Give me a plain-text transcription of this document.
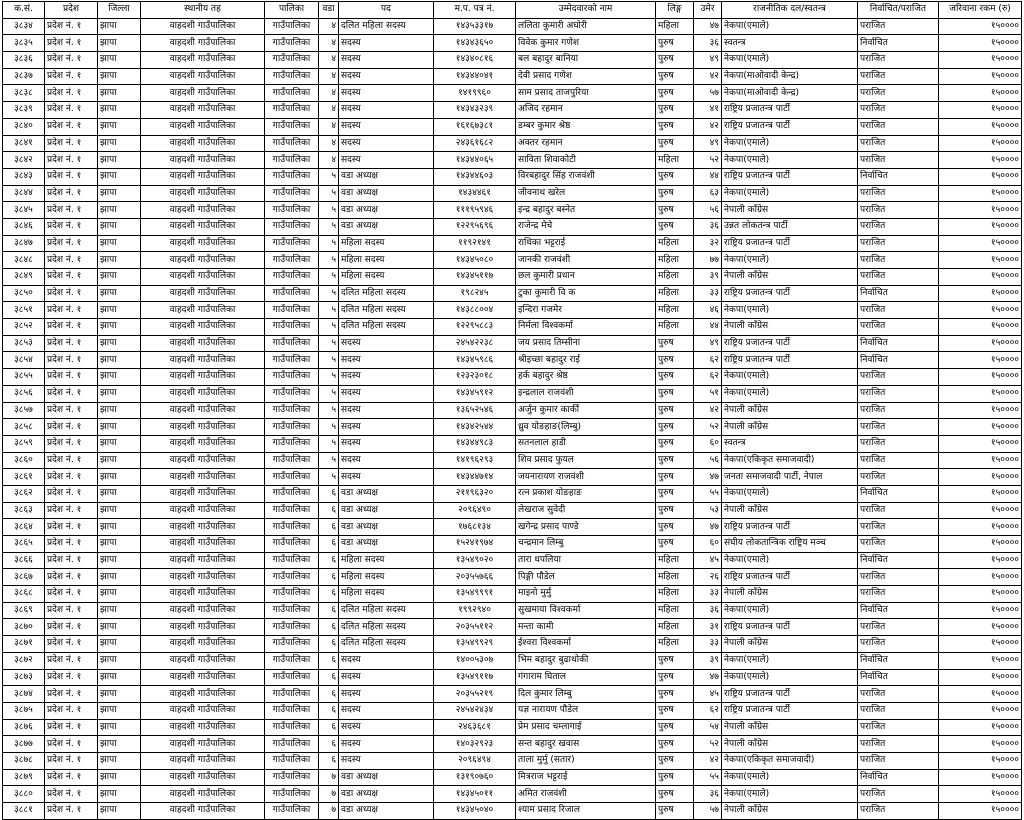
क.सं.	प्रदेश	जिल्ला	स्थानीय तह	पालिका	वडा	पद	म.प. पत्र नं.	उम्मेदवारको नाम	लिङ्ग	उमेर	राजनीतिक दल/स्वतन्त्र	निर्वाचित/पराजित	जरिवाना रकम (रु)
३८३४	प्रदेश नं. १	झापा	वाहदशी गाउँपालिका	गाउँपालिका	४	दलित महिला सदस्य	१४३५३३१७	ललिता कुमारी अघोरी	महिला	४७	नेकपा(एमाले)	पराजित	१५००००
३८३५	प्रदेश नं. १	झापा	वाहदशी गाउँपालिका	गाउँपालिका	४	सदस्य	१४३४३६५०	विवेक कुमार गणेश	पुरुष	३६	स्वतन्त्र	निर्वाचित	१५००००
३८३६	प्रदेश नं. १	झापा	वाहदशी गाउँपालिका	गाउँपालिका	४	सदस्य	१४३४०८१६	बल बहादुर बानिया	पुरुष	४९	नेकपा(एमाले)	पराजित	१५००००
३८३७	प्रदेश नं. १	झापा	वाहदशी गाउँपालिका	गाउँपालिका	४	सदस्य	१४३४४०४१	देवी प्रसाद गणेश	पुरुष	४२	नेकपा(माओवादी केन्द्र)	पराजित	१५००००
३८३८	प्रदेश नं. १	झापा	वाहदशी गाउँपालिका	गाउँपालिका	४	सदस्य	१४१९९६०	साम प्रसाद ताजपुरिया	पुरुष	५७	नेकपा(माओवादी केन्द्र)	पराजित	१५००००
३८३९	प्रदेश नं. १	झापा	वाहदशी गाउँपालिका	गाउँपालिका	४	सदस्य	१४३४३२३९	अजिद रहमान	पुरुष	४१	राष्ट्रिय प्रजातन्त्र पार्टी	पराजित	१५००००
३८४०	प्रदेश नं. १	झापा	वाहदशी गाउँपालिका	गाउँपालिका	४	सदस्य	१६१६७३८१	डम्बर कुमार श्रेष्ठ	पुरुष	४२	राष्ट्रिय प्रजातन्त्र पार्टी	पराजित	१५००००
३८४१	प्रदेश नं. १	झापा	वाहदशी गाउँपालिका	गाउँपालिका	४	सदस्य	२४३६१६८२	अक्तर रहमान	पुरुष	४९	नेकपा(एमाले)	पराजित	१५००००
३८४२	प्रदेश नं. १	झापा	वाहदशी गाउँपालिका	गाउँपालिका	४	सदस्य	१४३४४०६५	साविता शिवाकोटी	महिला	५२	नेकपा(एमाले)	पराजित	१५००००
३८४३	प्रदेश नं. १	झापा	वाहदशी गाउँपालिका	गाउँपालिका	५	वडा अध्यक्ष	१४३४४६०३	विरबहादुर सिंह राजवंशी	पुरुष	४४	राष्ट्रिय प्रजातन्त्र पार्टी	निर्वाचित	१५००००
३८४४	प्रदेश नं. १	झापा	वाहदशी गाउँपालिका	गाउँपालिका	५	वडा अध्यक्ष	१४३४४६१	जीवनाथ खरेल	पुरुष	६३	नेकपा(एमाले)	पराजित	१५००००
३८४५	प्रदेश नं. १	झापा	वाहदशी गाउँपालिका	गाउँपालिका	५	वडा अध्यक्ष	१११९५९४६	इन्द्र बहादुर बस्नेत	पुरुष	५६	नेपाली काँग्रेस	पराजित	१५००००
३८४६	प्रदेश नं. १	झापा	वाहदशी गाउँपालिका	गाउँपालिका	५	वडा अध्यक्ष	१२२९५६९६	राजेन्द्र मेचे	पुरुष	३६	उन्नत लोकतन्त्र पार्टी	पराजित	१५००००
३८४७	प्रदेश नं. १	झापा	वाहदशी गाउँपालिका	गाउँपालिका	५	महिला सदस्य	११९२१४१	राधिका भट्टराई	महिला	३२	राष्ट्रिय प्रजातन्त्र पार्टी	पराजित	१५००००
३८४८	प्रदेश नं. १	झापा	वाहदशी गाउँपालिका	गाउँपालिका	५	महिला सदस्य	१४३४५०८०	जानकी राजवंशी	महिला	७७	नेकपा(एमाले)	पराजित	१५००००
३८४९	प्रदेश नं. १	झापा	वाहदशी गाउँपालिका	गाउँपालिका	५	महिला सदस्य	१४३४५११७	छल कुमारी प्रधान	महिला	३९	नेपाली काँग्रेस	पराजित	१५००००
३८५०	प्रदेश नं. १	झापा	वाहदशी गाउँपालिका	गाउँपालिका	५	दलित महिला सदस्य	१९८२४५	टुका कुमारी वि क	महिला	३३	राष्ट्रिय प्रजातन्त्र पार्टी	निर्वाचित	१५००००
३८५१	प्रदेश नं. १	झापा	वाहदशी गाउँपालिका	गाउँपालिका	५	दलित महिला सदस्य	१४३८८००४	इन्दिरा गजमेर	महिला	४६	नेकपा(एमाले)	पराजित	१५००००
३८५२	प्रदेश नं. १	झापा	वाहदशी गाउँपालिका	गाउँपालिका	५	दलित महिला सदस्य	१२२९५८८३	निर्मला विश्वकर्मा	महिला	४४	नेपाली काँग्रेस	पराजित	१५००००
३८५३	प्रदेश नं. १	झापा	वाहदशी गाउँपालिका	गाउँपालिका	५	सदस्य	२४५४२२३८	जय प्रसाद तिम्सीना	पुरुष	४९	राष्ट्रिय प्रजातन्त्र पार्टी	निर्वाचित	१५००००
३८५४	प्रदेश नं. १	झापा	वाहदशी गाउँपालिका	गाउँपालिका	५	सदस्य	१४३४५९८६	श्रीइच्छा बहादुर राई	पुरुष	६२	राष्ट्रिय प्रजातन्त्र पार्टी	निर्वाचित	१५००००
३८५५	प्रदेश नं. १	झापा	वाहदशी गाउँपालिका	गाउँपालिका	५	सदस्य	१२३२३०१८	हर्क बहादुर श्रेष्ठ	पुरुष	६२	नेकपा(एमाले)	पराजित	१५००००
३८५६	प्रदेश नं. १	झापा	वाहदशी गाउँपालिका	गाउँपालिका	५	सदस्य	१४३४५९१२	इन्द्रलाल राजवंशी	पुरुष	५१	नेकपा(एमाले)	पराजित	१५००००
३८५७	प्रदेश नं. १	झापा	वाहदशी गाउँपालिका	गाउँपालिका	५	सदस्य	१३६५२५४६	अर्जुन कुमार कार्की	पुरुष	४२	नेपाली काँग्रेस	पराजित	१५००००
३८५८	प्रदेश नं. १	झापा	वाहदशी गाउँपालिका	गाउँपालिका	५	सदस्य	१४३४२५४४	ध्रुव योङहाङ(लिम्बु)	पुरुष	५२	नेपाली काँग्रेस	पराजित	१५००००
३८५९	प्रदेश नं. १	झापा	वाहदशी गाउँपालिका	गाउँपालिका	५	सदस्य	१४३४४९८३	सतनलाल हाडी	पुरुष	६०	स्वतन्त्र	पराजित	१५००००
३८६०	प्रदेश नं. १	झापा	वाहदशी गाउँपालिका	गाउँपालिका	५	सदस्य	१४१९६२९३	शिव प्रसाद फुयल	पुरुष	५६	नेकपा(एकिकृत समाजवादी)	पराजित	१५००००
३८६१	प्रदेश नं. १	झापा	वाहदशी गाउँपालिका	गाउँपालिका	५	सदस्य	१४३४४७१४	जयनारायण राजवंशी	पुरुष	४७	जनता समाजवादी पार्टी, नेपाल	पराजित	१५००००
३८६२	प्रदेश नं. १	झापा	वाहदशी गाउँपालिका	गाउँपालिका	६	वडा अध्यक्ष	२११९६३२०	रत्न प्रकाश योङहाङ	पुरुष	५५	नेकपा(एमाले)	निर्वाचित	१५००००
३८६३	प्रदेश नं. १	झापा	वाहदशी गाउँपालिका	गाउँपालिका	६	वडा अध्यक्ष	२०९६४९०	लेखराज सुवेदी	पुरुष	५३	नेपाली काँग्रेस	पराजित	१५००००
३८६४	प्रदेश नं. १	झापा	वाहदशी गाउँपालिका	गाउँपालिका	६	वडा अध्यक्ष	१७६८१३४	खगेन्द्र प्रसाद पाण्डे	पुरुष	४७	राष्ट्रिय प्रजातन्त्र पार्टी	पराजित	१५००००
३८६५	प्रदेश नं. १	झापा	वाहदशी गाउँपालिका	गाउँपालिका	६	वडा अध्यक्ष	१५२४१९७४	चन्द्रमान लिम्बु	पुरुष	६०	संघीय लोकतान्त्रिक राष्ट्रिय मञ्च	पराजित	१५००००
३८६६	प्रदेश नं. १	झापा	वाहदशी गाउँपालिका	गाउँपालिका	६	महिला सदस्य	१३५४९०२०	तारा धपलिया	महिला	४५	नेकपा(एमाले)	निर्वाचित	१५००००
३८६७	प्रदेश नं. १	झापा	वाहदशी गाउँपालिका	गाउँपालिका	६	महिला सदस्य	२०३५५७६६	पिङ्गी पौडेल	महिला	२६	राष्ट्रिय प्रजातन्त्र पार्टी	पराजित	१५००००
३८६८	प्रदेश नं. १	झापा	वाहदशी गाउँपालिका	गाउँपालिका	६	महिला सदस्य	१३५४९९९१	माइनो मुर्मु	महिला	३३	नेपाली काँग्रेस	पराजित	१५००००
३८६९	प्रदेश नं. १	झापा	वाहदशी गाउँपालिका	गाउँपालिका	६	दलित महिला सदस्य	१९९२९४०	सुखमाया विश्वकर्मा	महिला	३६	नेकपा(एमाले)	निर्वाचित	१५००००
३८७०	प्रदेश नं. १	झापा	वाहदशी गाउँपालिका	गाउँपालिका	६	दलित महिला सदस्य	२०३५५११२	मन्ता कामी	महिला	३१	राष्ट्रिय प्रजातन्त्र पार्टी	पराजित	१५००००
३८७१	प्रदेश नं. १	झापा	वाहदशी गाउँपालिका	गाउँपालिका	६	दलित महिला सदस्य	१३५४९९२९	ईश्वरा विश्वकर्मा	महिला	३३	नेपाली काँग्रेस	पराजित	१५००००
३८७२	प्रदेश नं. १	झापा	वाहदशी गाउँपालिका	गाउँपालिका	६	सदस्य	१४००५३०७	भिम बहादुर बुढाथोकी	पुरुष	३९	नेकपा(एमाले)	निर्वाचित	१५००००
३८७३	प्रदेश नं. १	झापा	वाहदशी गाउँपालिका	गाउँपालिका	६	सदस्य	१३५४९११७	गंगाराम घिताल	पुरुष	४७	नेकपा(एमाले)	निर्वाचित	१५००००
३८७४	प्रदेश नं. १	झापा	वाहदशी गाउँपालिका	गाउँपालिका	६	सदस्य	२०३५५२१९	दिल कुमार लिम्बु	पुरुष	४५	राष्ट्रिय प्रजातन्त्र पार्टी	पराजित	१५००००
३८७५	प्रदेश नं. १	झापा	वाहदशी गाउँपालिका	गाउँपालिका	६	सदस्य	२४५४२४३४	यज्ञ नारायण पौडेल	पुरुष	६२	राष्ट्रिय प्रजातन्त्र पार्टी	पराजित	१५००००
३८७६	प्रदेश नं. १	झापा	वाहदशी गाउँपालिका	गाउँपालिका	६	सदस्य	२४६३६८१	प्रेम प्रसाद चम्लागाई	पुरुष	५४	नेपाली काँग्रेस	पराजित	१५००००
३८७७	प्रदेश नं. १	झापा	वाहदशी गाउँपालिका	गाउँपालिका	६	सदस्य	१४०३२९२३	सन्त बहादुर खवास	पुरुष	५२	नेपाली काँग्रेस	पराजित	१५००००
३८७८	प्रदेश नं. १	झापा	वाहदशी गाउँपालिका	गाउँपालिका	६	सदस्य	२०९६४९४	ताला मुर्मु (सतार)	पुरुष	४२	नेकपा(एकिकृत समाजवादी)	पराजित	१५००००
३८७९	प्रदेश नं. १	झापा	वाहदशी गाउँपालिका	गाउँपालिका	७	वडा अध्यक्ष	१३१९०७६०	मित्रराज भट्टराई	पुरुष	५५	नेकपा(एमाले)	निर्वाचित	१५००००
३८८०	प्रदेश नं. १	झापा	वाहदशी गाउँपालिका	गाउँपालिका	७	वडा अध्यक्ष	१४३४५०११	अमित राजवंशी	पुरुष	३६	नेकपा(एमाले)	पराजित	१५००००
३८८१	प्रदेश नं. १	झापा	वाहदशी गाउँपालिका	गाउँपालिका	७	वडा अध्यक्ष	१४३४५०४०	श्याम प्रसाद रिजाल	पुरुष	५७	नेपाली काँग्रेस	पराजित	१५००००
